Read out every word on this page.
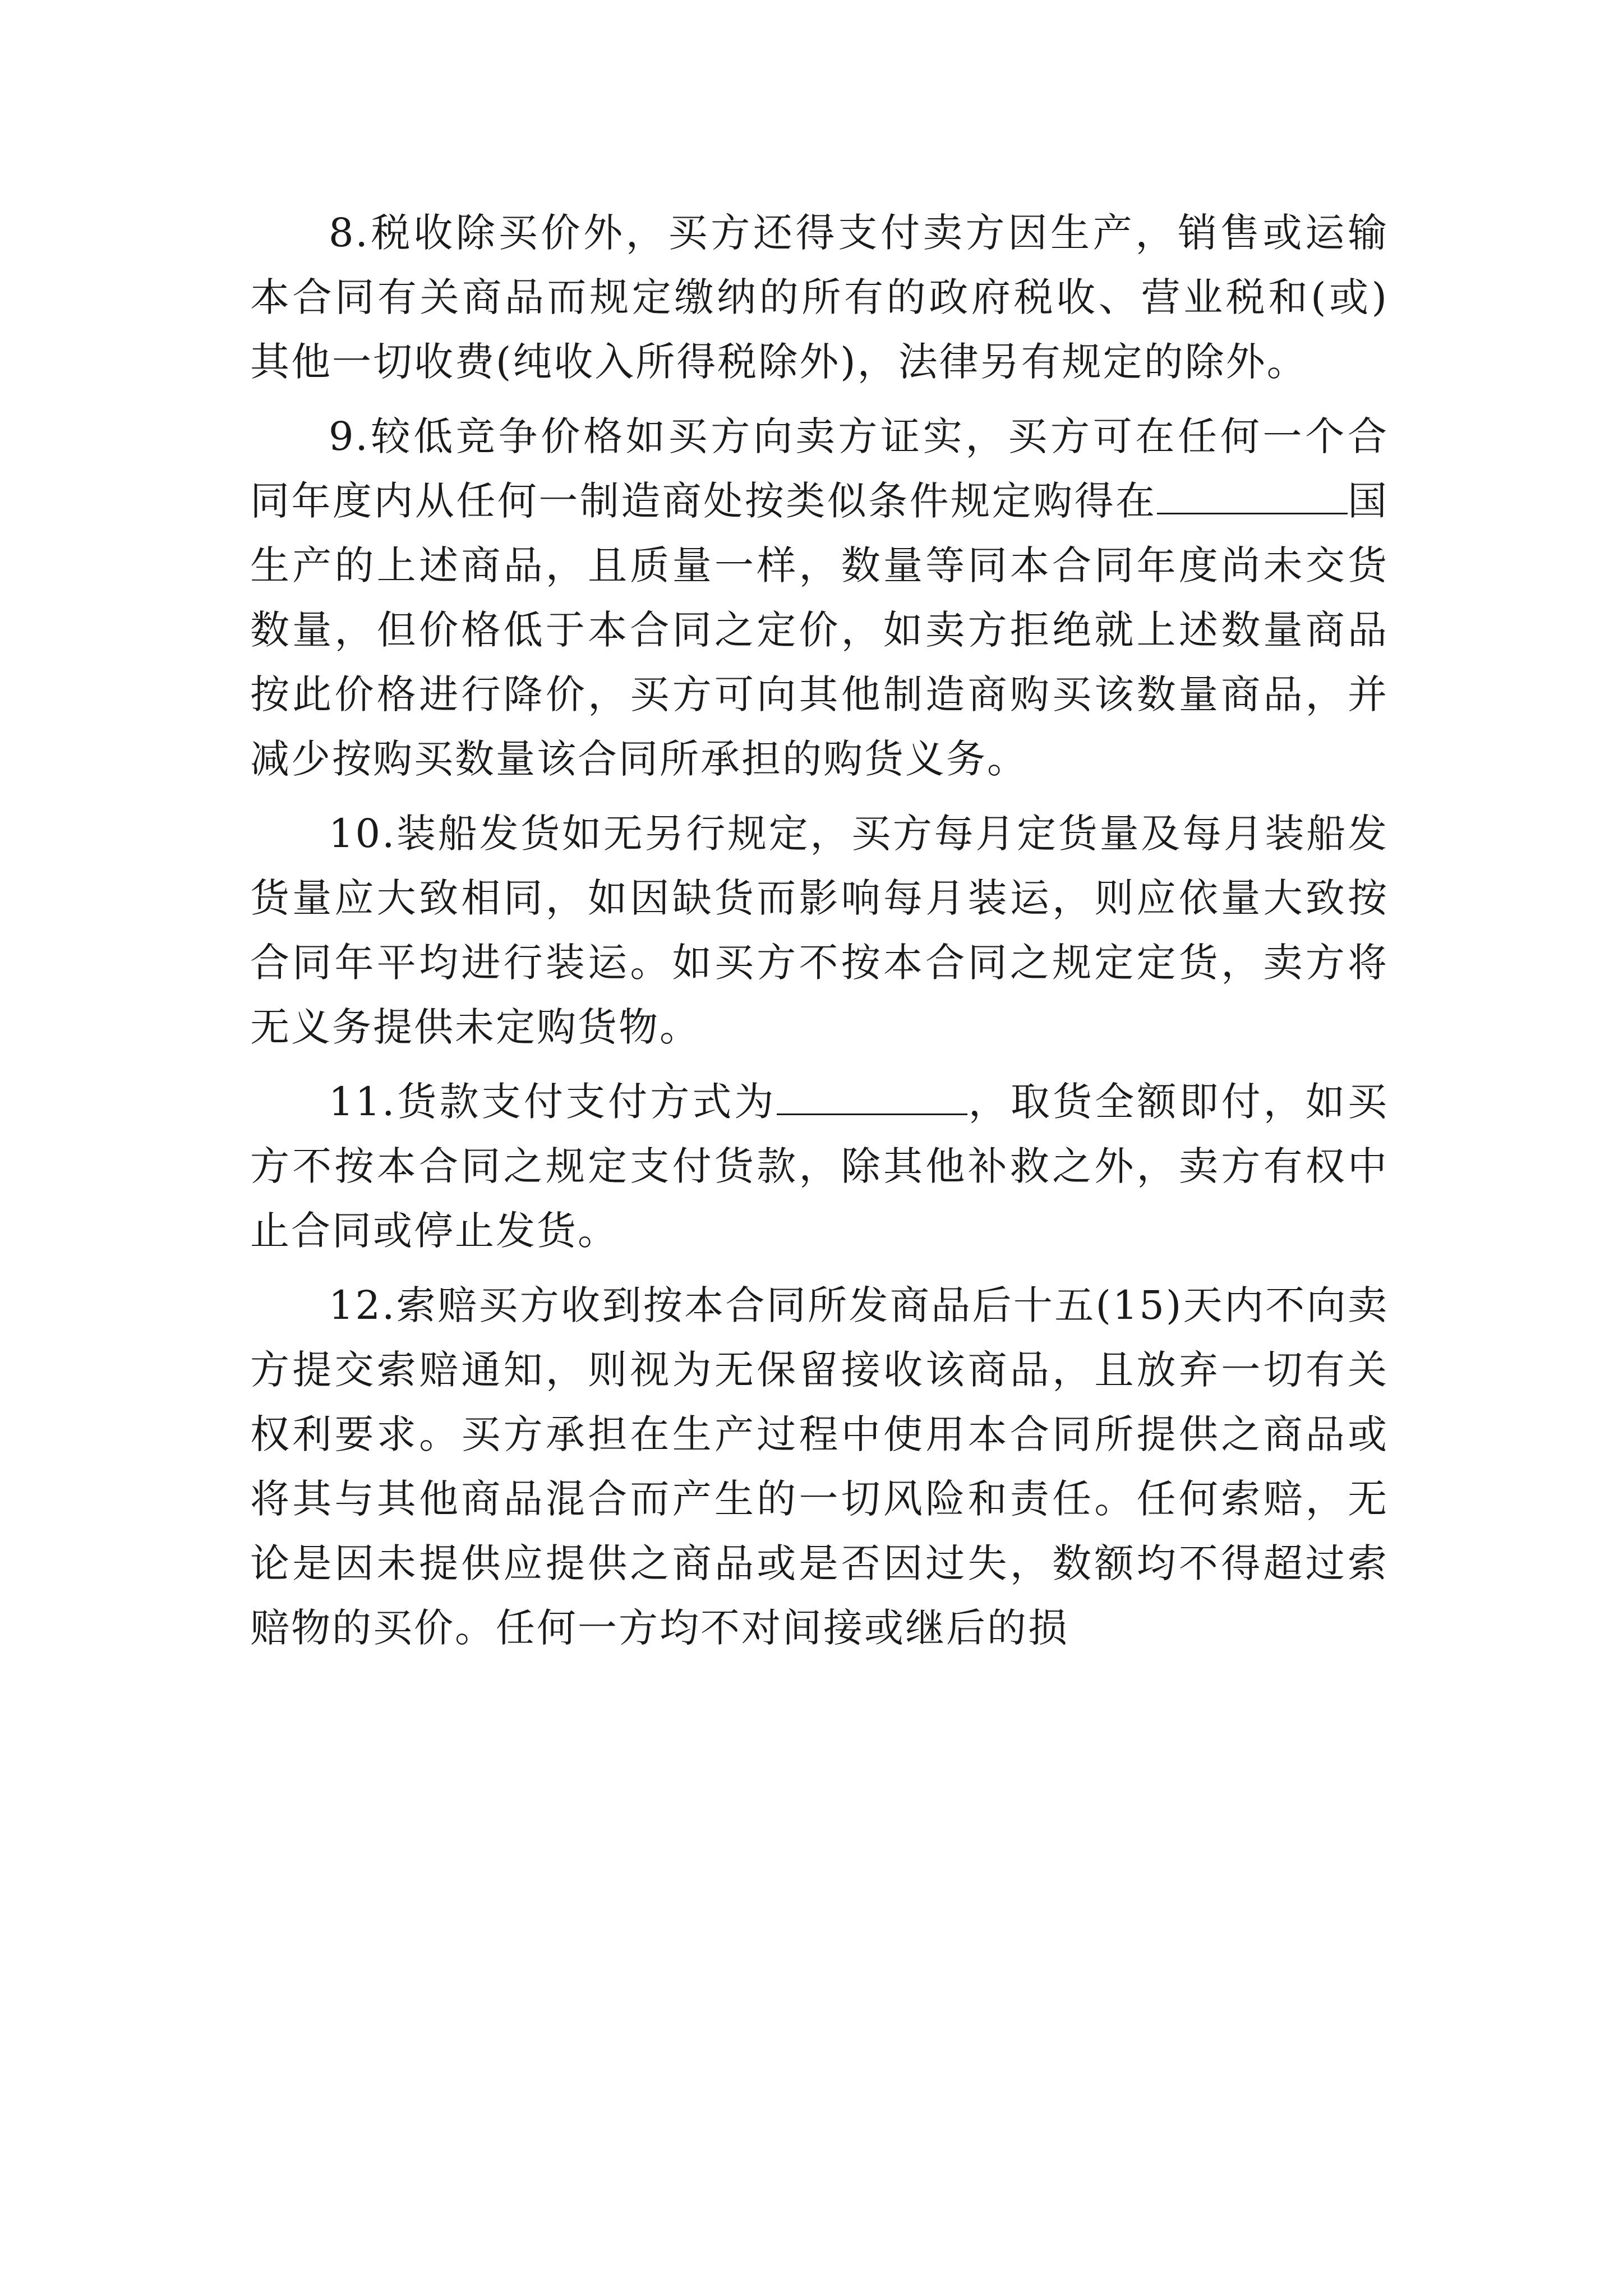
8.税收除买价外，买方还得支付卖方因生产，销售或运输本合同有关商品而规定缴纳的所有的政府税收、营业税和(或)其他一切收费(纯收入所得税除外)，法律另有规定的除外。

9.较低竞争价格如买方向卖方证实，买方可在任何一个合同年度内从任何一制造商处按类似条件规定购得在	国生产的上述商品，且质量一样，数量等同本合同年度尚未交货数量，但价格低于本合同之定价，如卖方拒绝就上述数量商品按此价格进行降价，买方可向其他制造商购买该数量商品，并减少按购买数量该合同所承担的购货义务。

10.装船发货如无另行规定，买方每月定货量及每月装船发货量应大致相同，如因缺货而影响每月装运，则应依量大致按合同年平均进行装运。如买方不按本合同之规定定货，卖方将无义务提供未定购货物。

11.货款支付支付方式为	，取货全额即付，如买方不按本合同之规定支付货款，除其他补救之外，卖方有权中止合同或停止发货。

12.索赔买方收到按本合同所发商品后十五(15)天内不向卖方提交索赔通知，则视为无保留接收该商品，且放弃一切有关权利要求。买方承担在生产过程中使用本合同所提供之商品或将其与其他商品混合而产生的一切风险和责任。任何索赔，无论是因未提供应提供之商品或是否因过失，数额均不得超过索赔物的买价。任何一方均不对间接或继后的损
